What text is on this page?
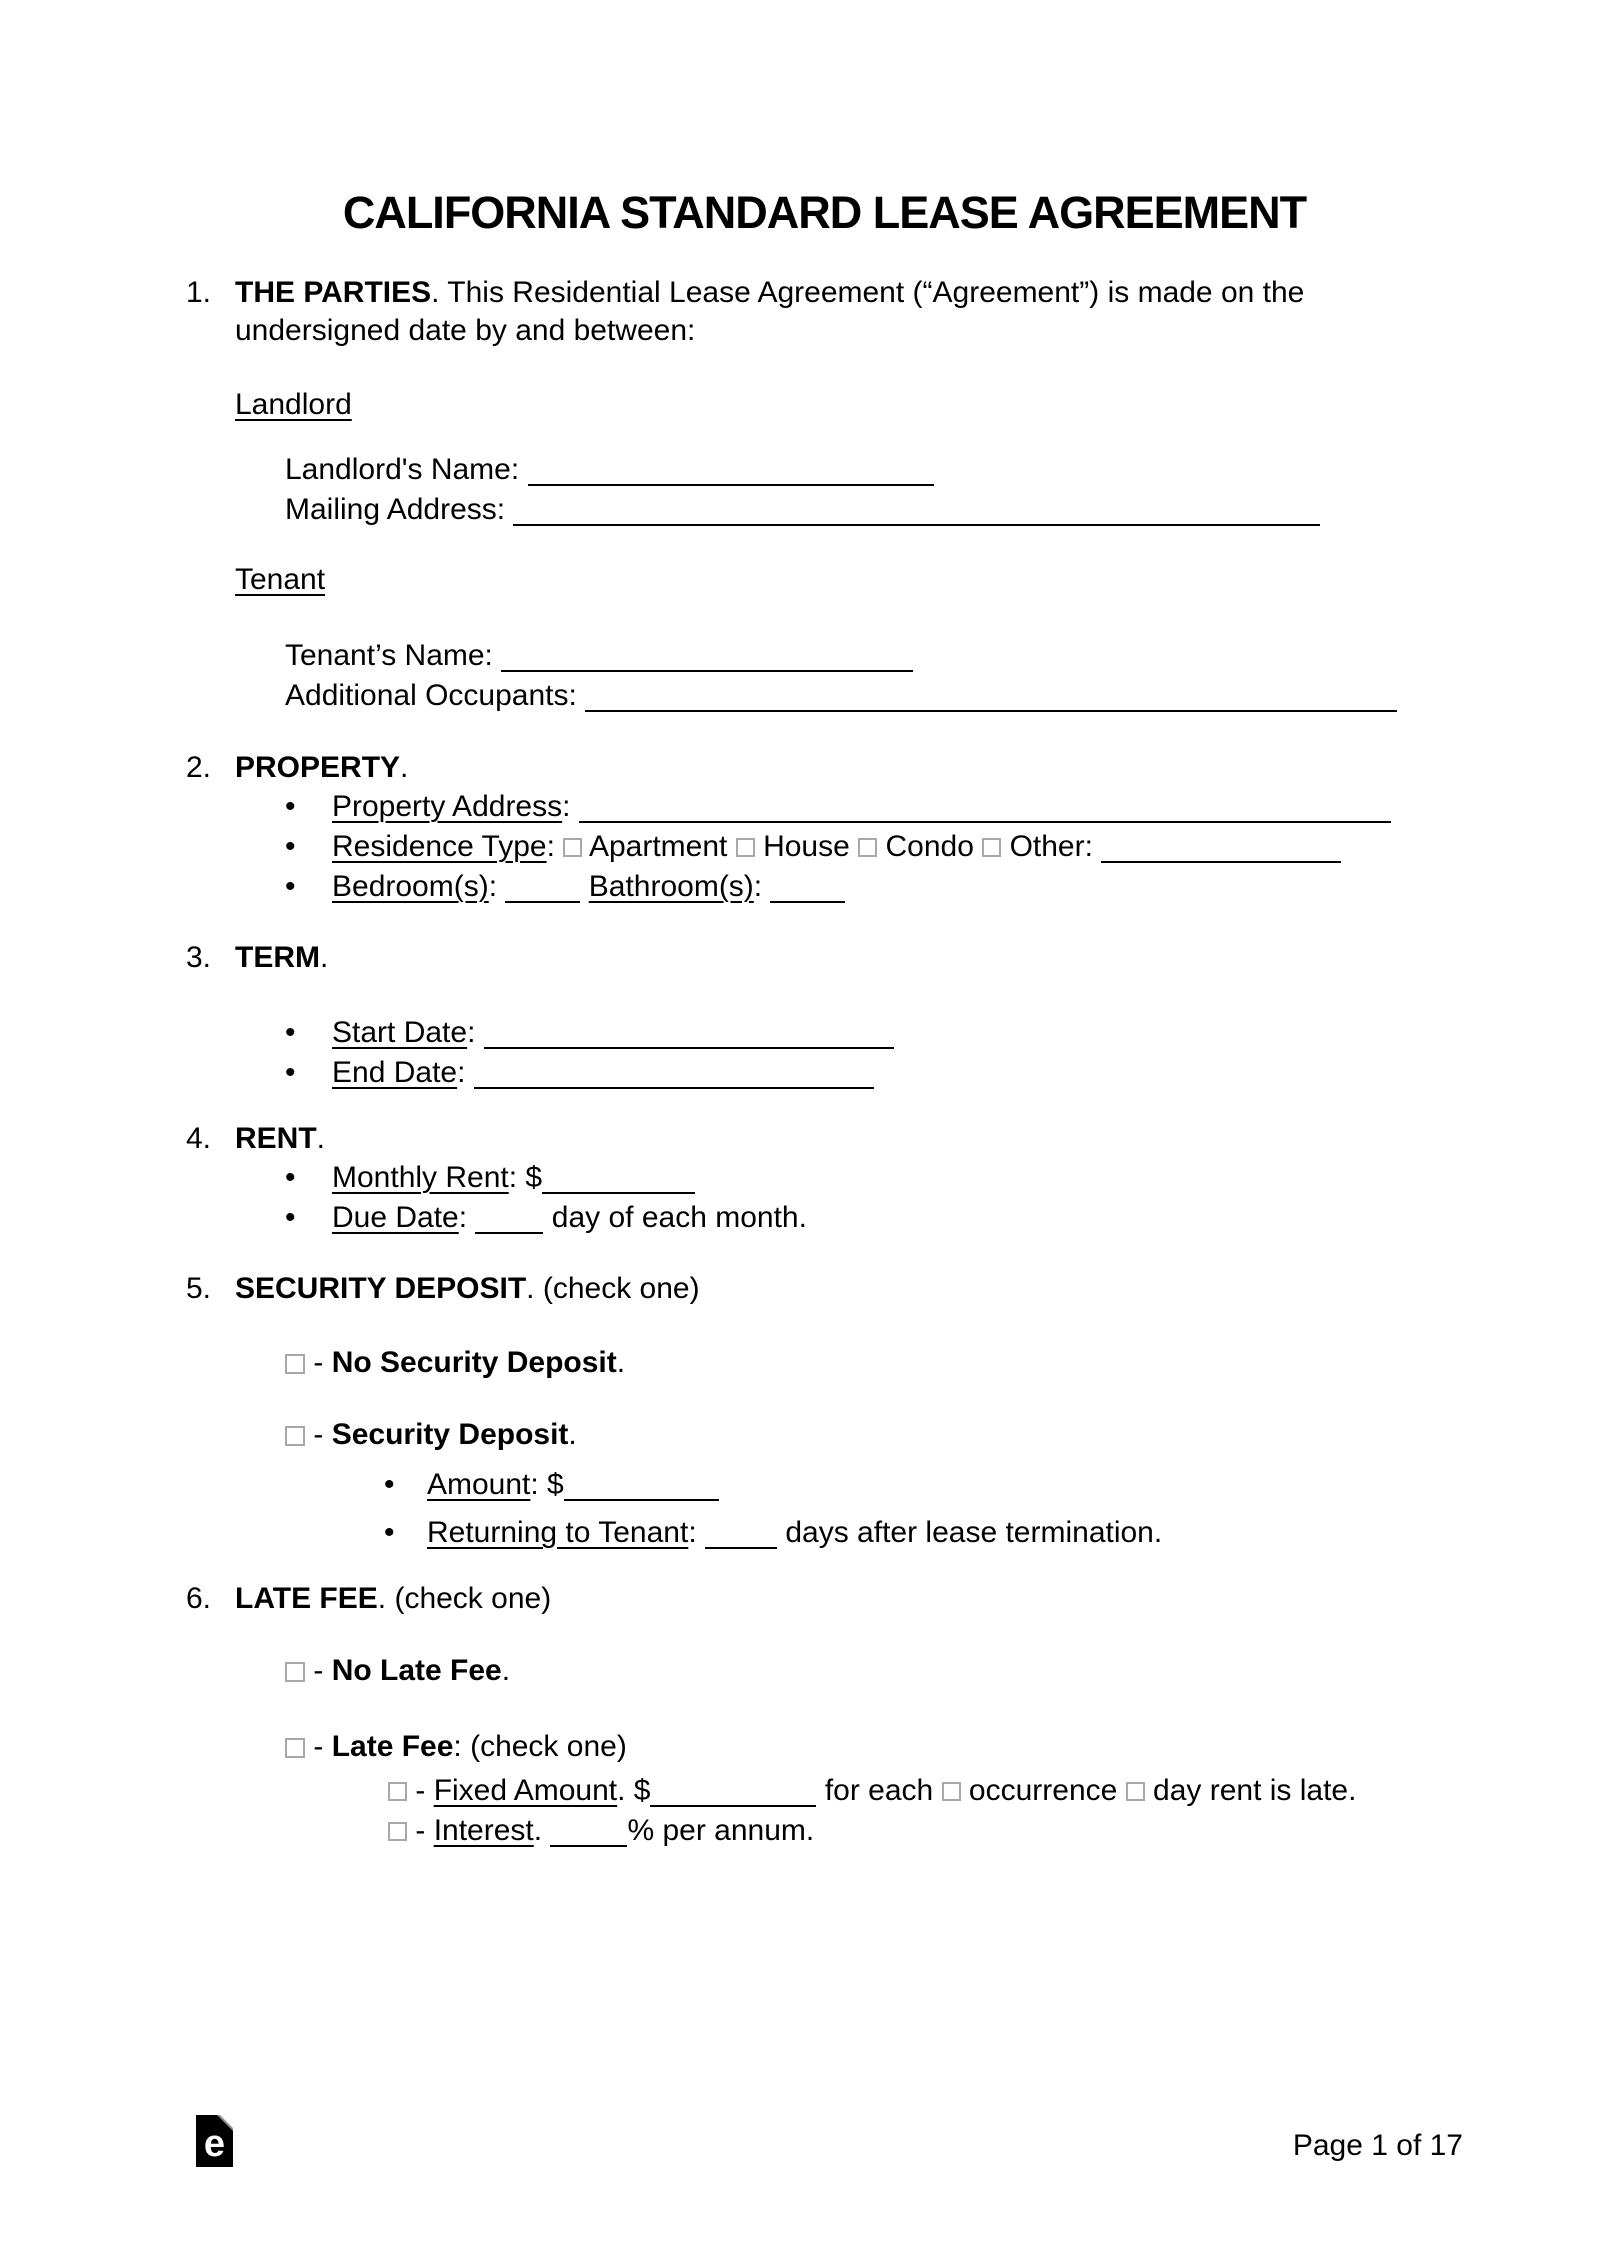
CALIFORNIA STANDARD LEASE AGREEMENT
1. THE PARTIES. This Residential Lease Agreement (“Agreement”) is made on the
undersigned date by and between:
Landlord
Landlord's Name:
Mailing Address:
Tenant
Tenant’s Name:
Additional Occupants:
2. PROPERTY.
• Property Address:
• Residence Type: Apartment House Condo Other:
• Bedroom(s):	Bathroom(s):
3. TERM.
• Start Date:
• End Date:
4. RENT.
• Monthly Rent: $
• Due Date:	day of each month.
5. SECURITY DEPOSIT. (check one)
- No Security Deposit.
- Security Deposit.
• Amount: $
• Returning to Tenant:	days after lease termination.
6. LATE FEE. (check one)
- No Late Fee.
- Late Fee: (check one)
- Fixed Amount. $	for each occurrence day rent is late.
- Interest.	% per annum.
e	Page 1 of 17
